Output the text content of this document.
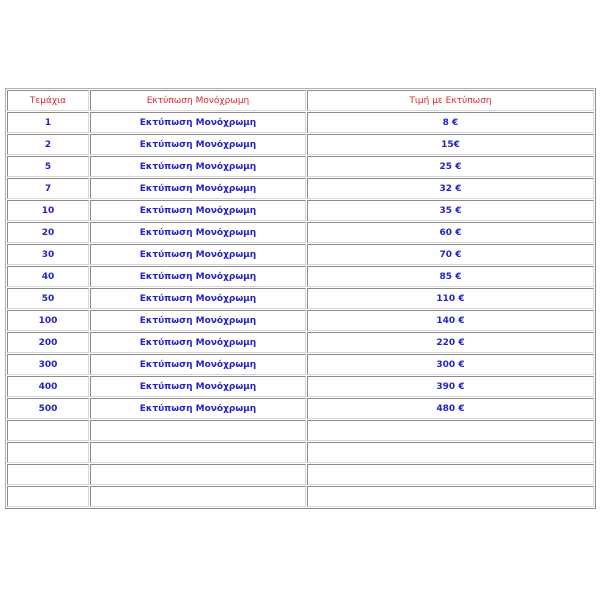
Τεμάχια	Εκτύπωση Μονόχρωμη	Τιμή με Εκτύπωση
1	Εκτύπωση Μονόχρωμη	8 €
2	Εκτύπωση Μονόχρωμη	15€
5	Εκτύπωση Μονόχρωμη	25 €
7	Εκτύπωση Μονόχρωμη	32 €
10	Εκτύπωση Μονόχρωμη	35 €
20	Εκτύπωση Μονόχρωμη	60 €
30	Εκτύπωση Μονόχρωμη	70 €
40	Εκτύπωση Μονόχρωμη	85 €
50	Εκτύπωση Μονόχρωμη	110 €
100	Εκτύπωση Μονόχρωμη	140 €
200	Εκτύπωση Μονόχρωμη	220 €
300	Εκτύπωση Μονόχρωμη	300 €
400	Εκτύπωση Μονόχρωμη	390 €
500	Εκτύπωση Μονόχρωμη	480 €
